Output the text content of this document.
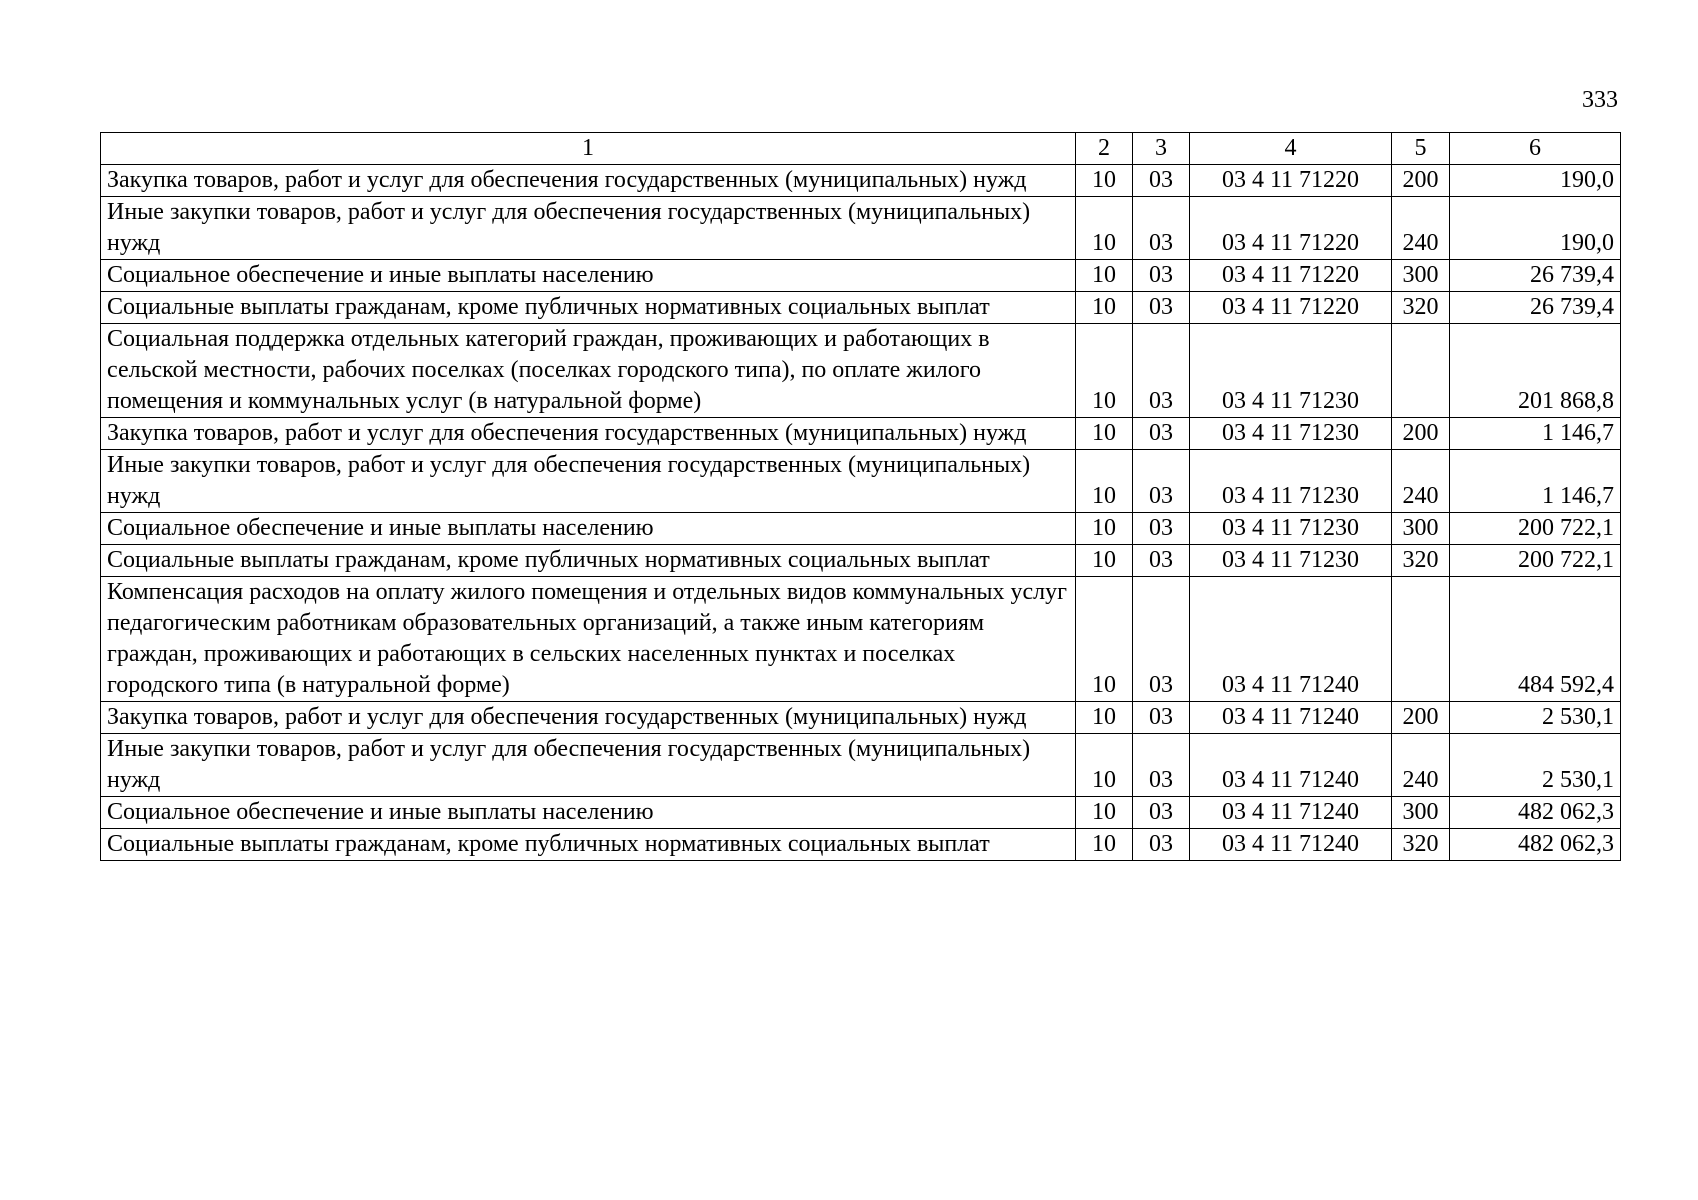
333
1	2	3	4	5	6
Закупка товаров, работ и услуг для обеспечения государственных (муниципальных) нужд	10	03	03 4 11 71220	200	190,0
Иные закупки товаров, работ и услуг для обеспечения государственных (муниципальных) нужд	10	03	03 4 11 71220	240	190,0
Социальное обеспечение и иные выплаты населению	10	03	03 4 11 71220	300	26 739,4
Социальные выплаты гражданам, кроме публичных нормативных социальных выплат	10	03	03 4 11 71220	320	26 739,4
Социальная поддержка отдельных категорий граждан, проживающих и работающих в сельской местности, рабочих поселках (поселках городского типа), по оплате жилого помещения и коммунальных услуг (в натуральной форме)	10	03	03 4 11 71230		201 868,8
Закупка товаров, работ и услуг для обеспечения государственных (муниципальных) нужд	10	03	03 4 11 71230	200	1 146,7
Иные закупки товаров, работ и услуг для обеспечения государственных (муниципальных) нужд	10	03	03 4 11 71230	240	1 146,7
Социальное обеспечение и иные выплаты населению	10	03	03 4 11 71230	300	200 722,1
Социальные выплаты гражданам, кроме публичных нормативных социальных выплат	10	03	03 4 11 71230	320	200 722,1
Компенсация расходов на оплату жилого помещения и отдельных видов коммунальных услуг педагогическим работникам образовательных организаций, а также иным категориям граждан, проживающих и работающих в сельских населенных пунктах и поселках городского типа (в натуральной форме)	10	03	03 4 11 71240		484 592,4
Закупка товаров, работ и услуг для обеспечения государственных (муниципальных) нужд	10	03	03 4 11 71240	200	2 530,1
Иные закупки товаров, работ и услуг для обеспечения государственных (муниципальных) нужд	10	03	03 4 11 71240	240	2 530,1
Социальное обеспечение и иные выплаты населению	10	03	03 4 11 71240	300	482 062,3
Социальные выплаты гражданам, кроме публичных нормативных социальных выплат	10	03	03 4 11 71240	320	482 062,3
